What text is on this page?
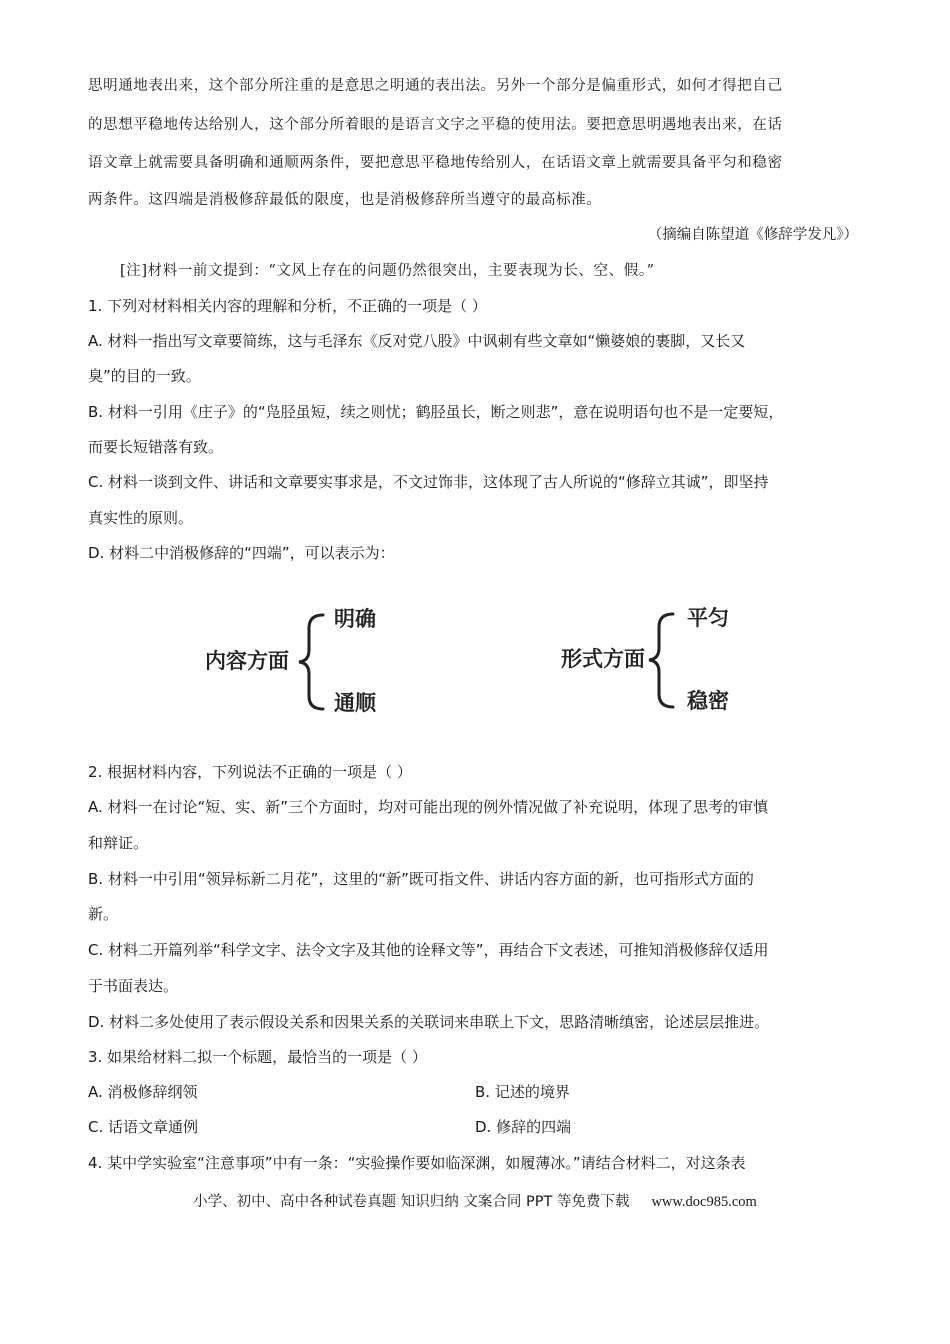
思明通地表出来，这个部分所注重的是意思之明通的表出法。另外一个部分是偏重形式，如何才得把自己
的思想平稳地传达给别人，这个部分所着眼的是语言文字之平稳的使用法。要把意思明遇地表出来，在话
语文章上就需要具备明确和通顺两条件，要把意思平稳地传给别人，在话语文章上就需要具备平匀和稳密
两条件。这四端是消极修辞最低的限度，也是消极修辞所当遵守的最高标准。
（摘编自陈望道《修辞学发凡》）
[注]材料一前文提到：“文风上存在的问题仍然很突出，主要表现为长、空、假。”
1. 下列对材料相关内容的理解和分析，不正确的一项是（ ）
A. 材料一指出写文章要简练，这与毛泽东《反对党八股》中讽刺有些文章如“懒婆娘的裹脚，又长又
臭”的目的一致。
B. 材料一引用《庄子》的“凫胫虽短，续之则忧；鹤胫虽长，断之则悲”，意在说明语句也不是一定要短，
而要长短错落有致。
C. 材料一谈到文件、讲话和文章要实事求是，不文过饰非，这体现了古人所说的“修辞立其诚”，即坚持
真实性的原则。
D. 材料二中消极修辞的“四端”，可以表示为：
内容方面
明确
通顺
形式方面
平匀
稳密
2. 根据材料内容，下列说法不正确的一项是（ ）
A. 材料一在讨论“短、实、新”三个方面时，均对可能出现的例外情况做了补充说明，体现了思考的审慎
和辩证。
B. 材料一中引用“领异标新二月花”，这里的“新”既可指文件、讲话内容方面的新，也可指形式方面的
新。
C. 材料二开篇列举“科学文字、法令文字及其他的诠释文等”，再结合下文表述，可推知消极修辞仅适用
于书面表达。
D. 材料二多处使用了表示假设关系和因果关系的关联词来串联上下文，思路清晰缜密，论述层层推进。
3. 如果给材料二拟一个标题，最恰当的一项是（ ）
A. 消极修辞纲领	B. 记述的境界
C. 话语文章通例	D. 修辞的四端
4. 某中学实验室“注意事项”中有一条：“实验操作要如临深渊，如履薄冰。”请结合材料二，对这条表
小学、初中、高中各种试卷真题 知识归纳 文案合同 PPT 等免费下载 www.doc985.com
